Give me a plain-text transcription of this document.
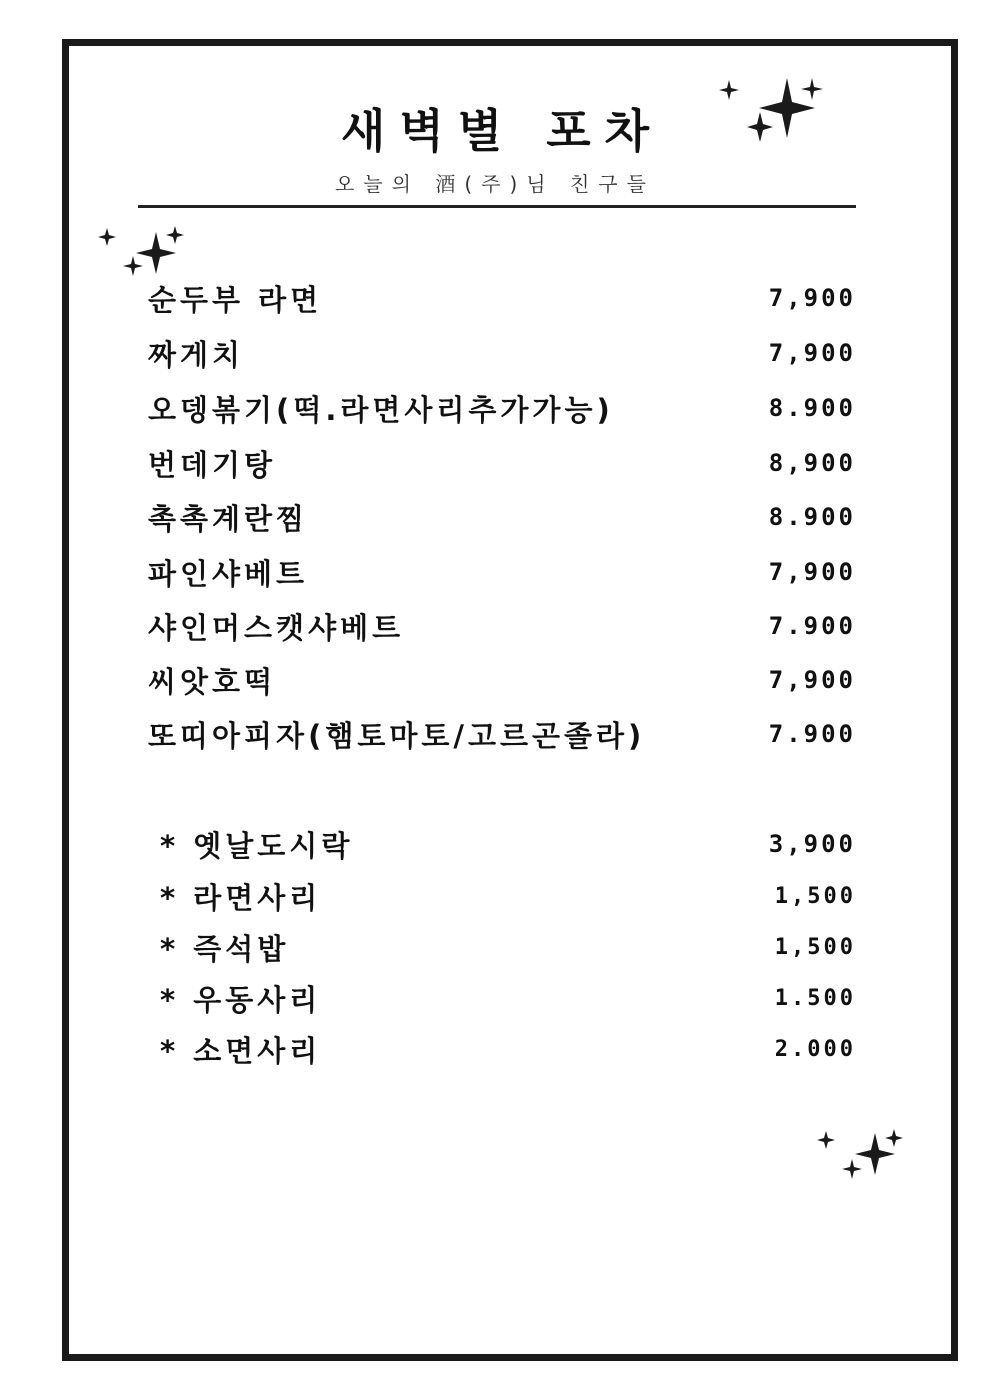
새벽별 포차
오늘의 酒(주)님 친구들
순두부 라면	7,900
짜게치	7,900
오뎅볶기(떡.라면사리추가가능)	8.900
번데기탕	8,900
촉촉계란찜	8.900
파인샤베트	7,900
샤인머스캣샤베트	7.900
씨앗호떡	7,900
또띠아피자(햄토마토/고르곤졸라)	7.900
* 옛날도시락	3,900
* 라면사리	1,500
* 즉석밥	1,500
* 우동사리	1.500
* 소면사리	2.000
